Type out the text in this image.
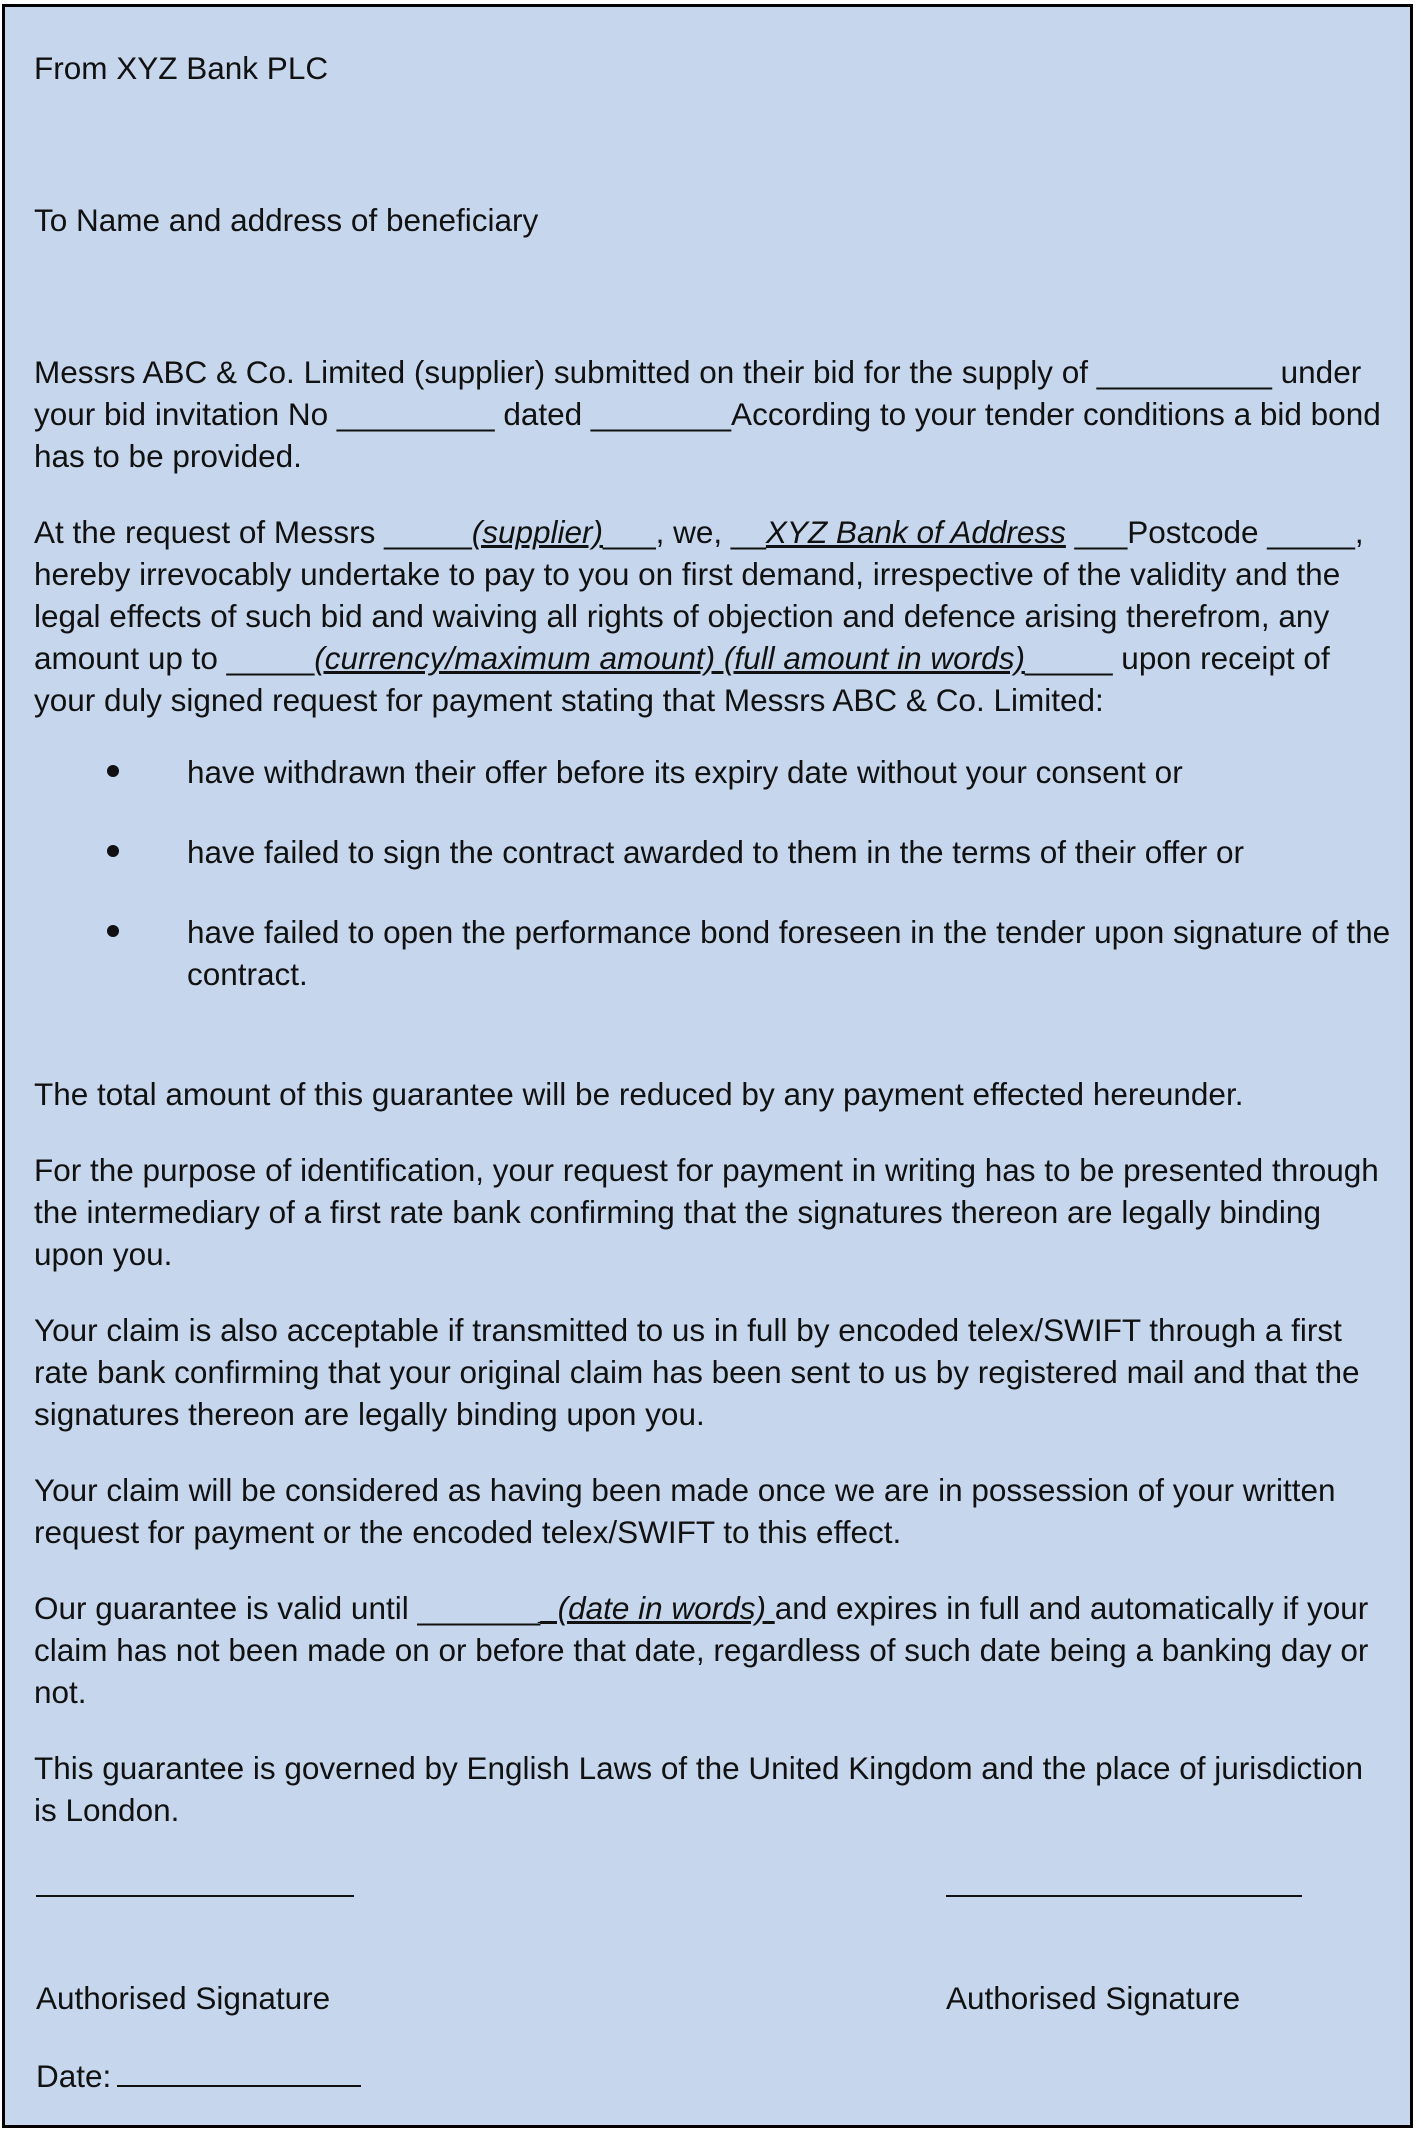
From XYZ Bank PLC

To Name and address of beneficiary

Messrs ABC & Co. Limited (supplier) submitted on their bid for the supply of __________ under your bid invitation No _________ dated ________According to your tender conditions a bid bond has to be provided.

At the request of Messrs _____(supplier)___, we, __XYZ Bank of Address ___Postcode _____, hereby irrevocably undertake to pay to you on first demand, irrespective of the validity and the legal effects of such bid and waiving all rights of objection and defence arising therefrom, any amount up to _____(currency/maximum amount) (full amount in words)_____ upon receipt of your duly signed request for payment stating that Messrs ABC & Co. Limited:

have withdrawn their offer before its expiry date without your consent or
have failed to sign the contract awarded to them in the terms of their offer or
have failed to open the performance bond foreseen in the tender upon signature of the contract.

The total amount of this guarantee will be reduced by any payment effected hereunder.

For the purpose of identification, your request for payment in writing has to be presented through the intermediary of a first rate bank confirming that the signatures thereon are legally binding upon you.

Your claim is also acceptable if transmitted to us in full by encoded telex/SWIFT through a first rate bank confirming that your original claim has been sent to us by registered mail and that the signatures thereon are legally binding upon you.

Your claim will be considered as having been made once we are in possession of your written request for payment or the encoded telex/SWIFT to this effect.

Our guarantee is valid until ________(date in words) and expires in full and automatically if your claim has not been made on or before that date, regardless of such date being a banking day or not.

This guarantee is governed by English Laws of the United Kingdom and the place of jurisdiction is London.

Authorised Signature	Authorised Signature
Date:
